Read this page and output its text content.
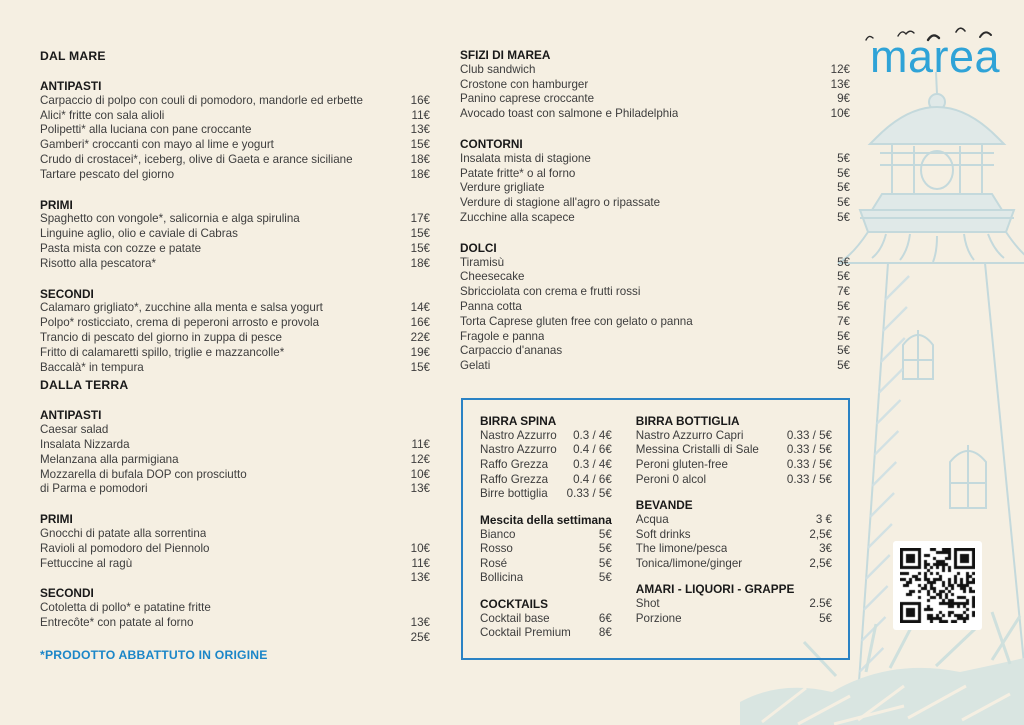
marea
DAL MARE
ANTIPASTI
Carpaccio di polpo con couli di pomodoro, mandorle ed erbette	16€
Alici* fritte con sala alioli	11€
Polipetti* alla luciana con pane croccante	13€
Gamberi* croccanti con mayo al lime e yogurt	15€
Crudo di crostacei*, iceberg, olive di Gaeta e arance siciliane	18€
Tartare pescato del giorno	18€
PRIMI
Spaghetto con vongole*, salicornia e alga spirulina	17€
Linguine aglio, olio e caviale di Cabras	15€
Pasta mista con cozze e patate	15€
Risotto alla pescatora*	18€
SECONDI
Calamaro grigliato*, zucchine alla menta e salsa yogurt	14€
Polpo* rosticciato, crema di peperoni arrosto e provola	16€
Trancio di pescato del giorno in zuppa di pesce	22€
Fritto di calamaretti spillo, triglie e mazzancolle*	19€
Baccalà* in tempura	15€
DALLA TERRA
ANTIPASTI
Caesar salad
Insalata Nizzarda	11€
Melanzana alla parmigiana	12€
Mozzarella di bufala DOP con prosciutto	10€
di Parma e pomodori	13€
PRIMI
Gnocchi di patate alla sorrentina
Ravioli al pomodoro del Piennolo	10€
Fettuccine al ragù	11€
13€
SECONDI
Cotoletta di pollo* e patatine fritte
Entrecôte* con patate al forno	13€
25€
SFIZI DI MAREA
Club sandwich	12€
Crostone con hamburger	13€
Panino caprese croccante	9€
Avocado toast con salmone e Philadelphia	10€
CONTORNI
Insalata mista di stagione	5€
Patate fritte* o al forno	5€
Verdure grigliate	5€
Verdure di stagione all'agro o ripassate	5€
Zucchine alla scapece	5€
DOLCI
Tiramisù	5€
Cheesecake	5€
Sbricciolata con crema e frutti rossi	7€
Panna cotta	5€
Torta Caprese gluten free con gelato o panna	7€
Fragole e panna	5€
Carpaccio d'ananas	5€
Gelati	5€
BIRRA SPINA
Nastro Azzurro 0.3 / 4€
Nastro Azzurro 0.4 / 6€
Raffo Grezza 0.3 / 4€
Raffo Grezza 0.4 / 6€
Birre bottiglia 0.33 / 5€
Mescita della settimana
Bianco	5€
Rosso	5€
Rosé	5€
Bollicina	5€
COCKTAILS
Cocktail base	6€
Cocktail Premium 8€
BIRRA BOTTIGLIA
Nastro Azzurro Capri	0.33 / 5€
Messina Cristalli di Sale 0.33 / 5€
Peroni gluten-free	0.33 / 5€
Peroni 0 alcol	0.33 / 5€
BEVANDE
Acqua	3 €
Soft drinks	2,5€
The limone/pesca	3€
Tonica/limone/ginger	2,5€
AMARI - LIQUORI - GRAPPE
Shot	2.5€
Porzione	5€
*PRODOTTO ABBATTUTO IN ORIGINE
